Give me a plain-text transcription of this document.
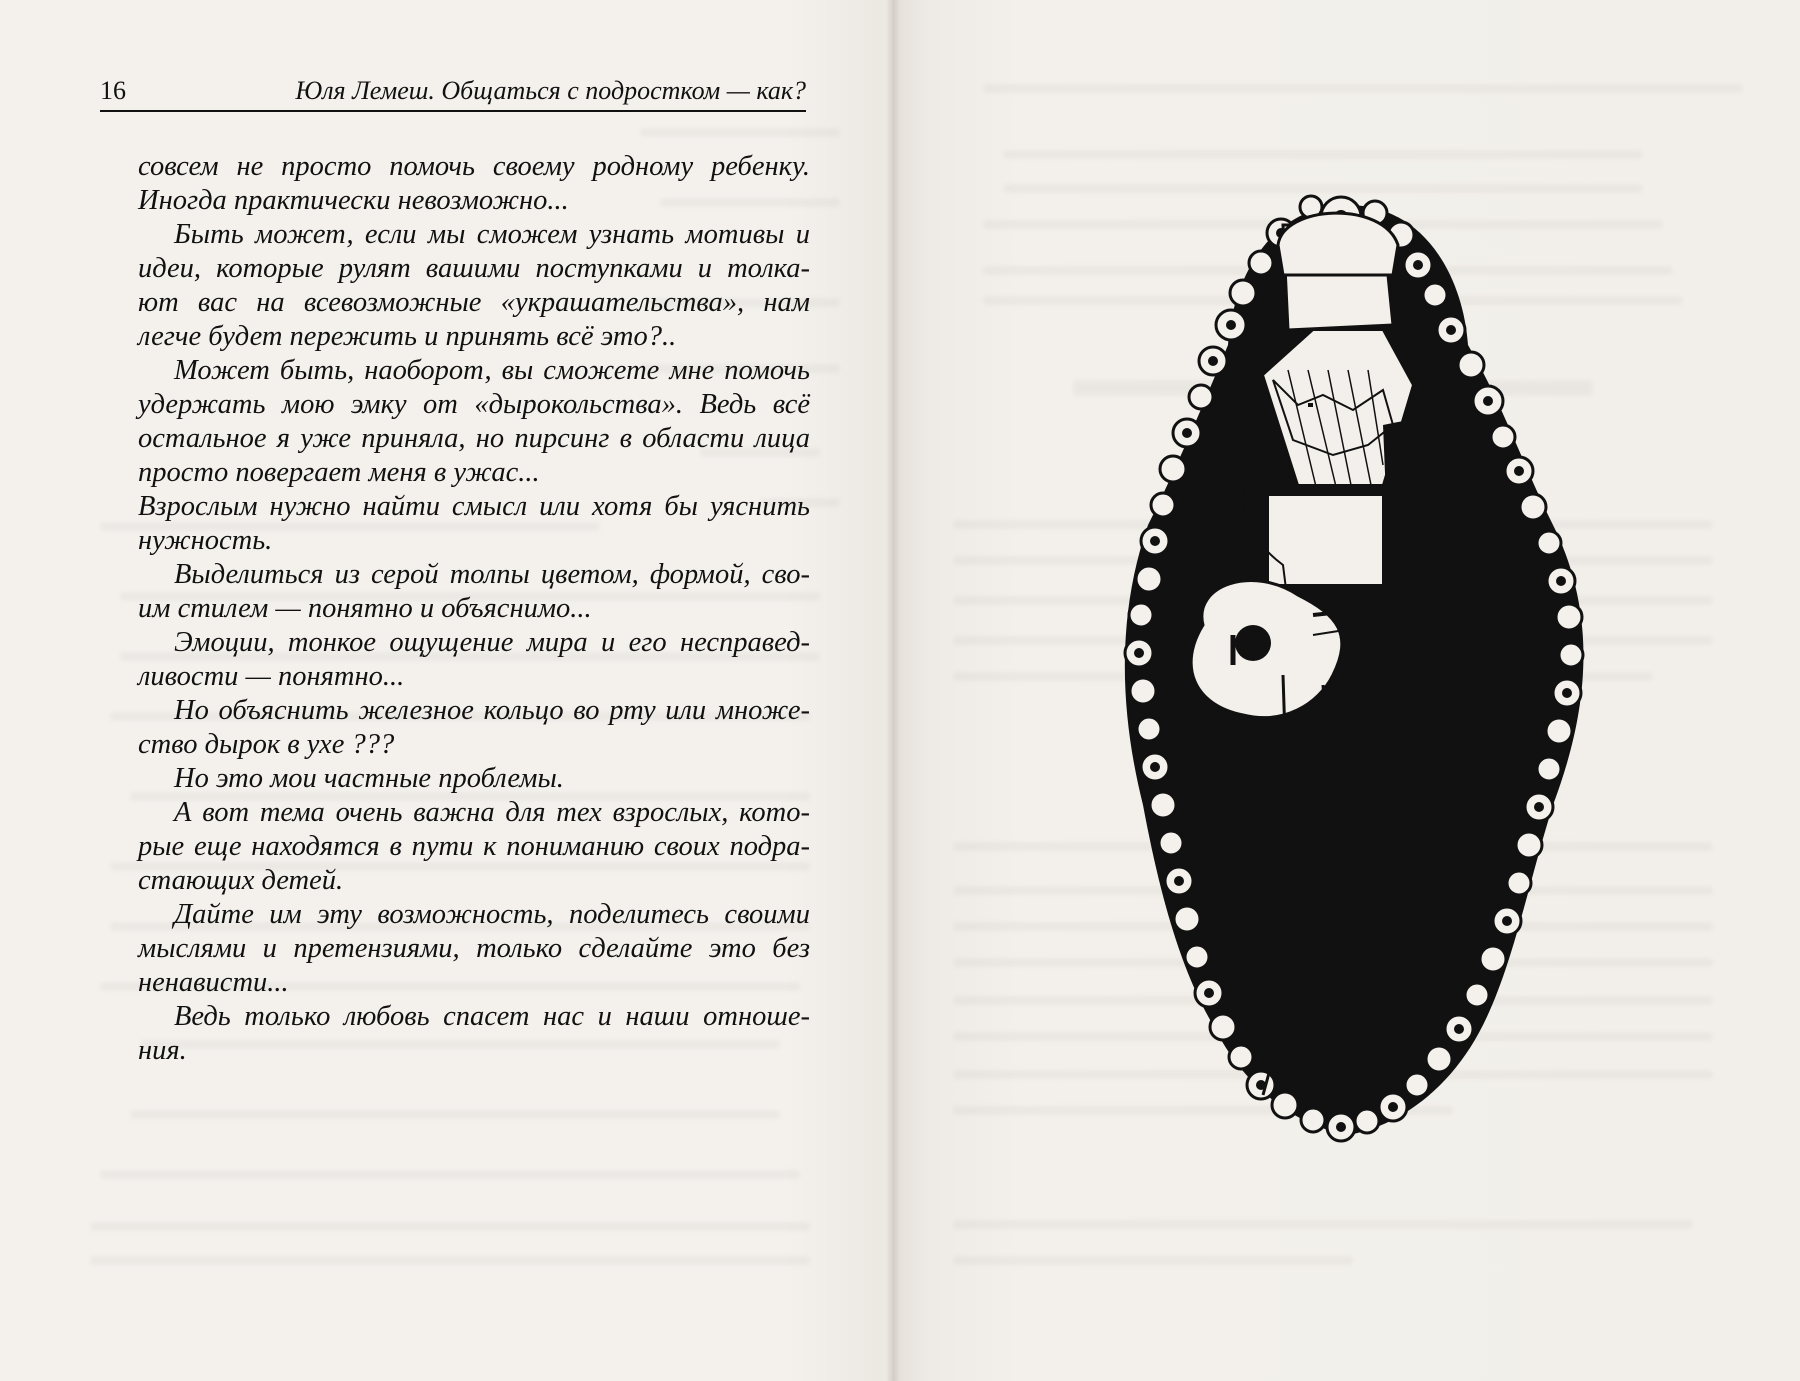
16	Юля Лемеш. Общаться с подростком — как?
совсем не просто помочь своему родному ребенку.
Иногда практически невозможно...
Быть может, если мы сможем узнать мотивы и
идеи, которые рулят вашими поступками и толка-
ют вас на всевозможные «украшательства», нам
легче будет пережить и принять всё это?..
Может быть, наоборот, вы сможете мне помочь
удержать мою эмку от «дырокольства». Ведь всё
остальное я уже приняла, но пирсинг в области лица
просто повергает меня в ужас...
Взрослым нужно найти смысл или хотя бы уяснить
нужность.
Выделиться из серой толпы цветом, формой, сво-
им стилем — понятно и объяснимо...
Эмоции, тонкое ощущение мира и его несправед-
ливости — понятно...
Но объяснить железное кольцо во рту или множе-
ство дырок в ухе ???
Но это мои частные проблемы.
А вот тема очень важна для тех взрослых, кото-
рые еще находятся в пути к пониманию своих подра-
стающих детей.
Дайте им эту возможность, поделитесь своими
мыслями и претензиями, только сделайте это без
ненависти...
Ведь только любовь спасет нас и наши отноше-
ния.
